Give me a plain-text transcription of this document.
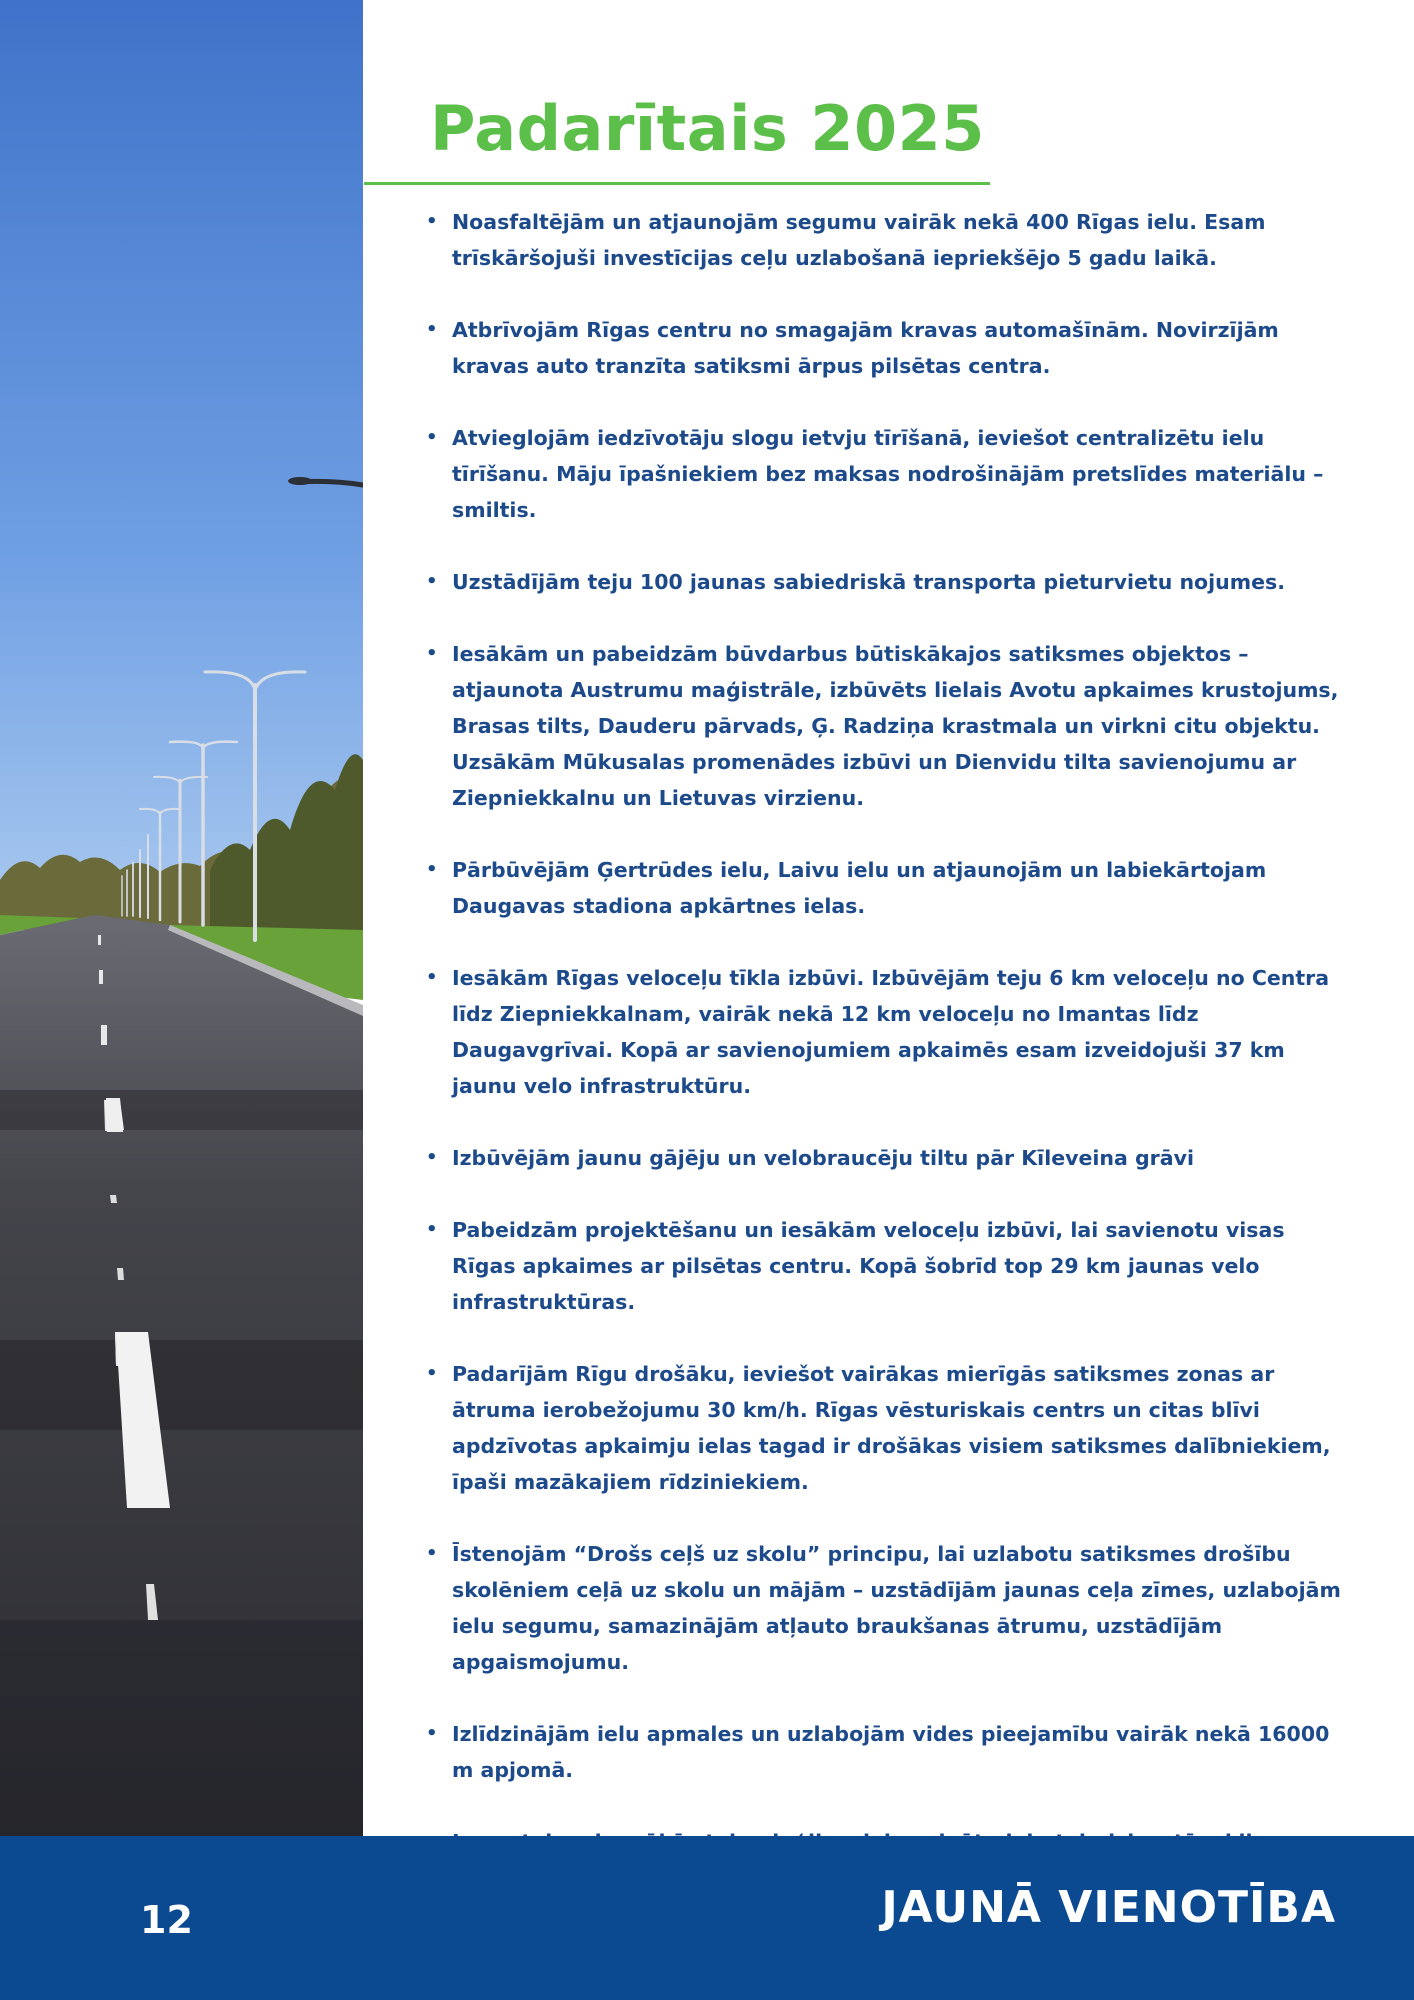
Padarītais 2025
• Noasfaltējām un atjaunojām segumu vairāk nekā 400 Rīgas ielu. Esam trīskāršojuši investīcijas ceļu uzlabošanā iepriekšējo 5 gadu laikā.
• Atbrīvojām Rīgas centru no smagajām kravas automašīnām. Novirzījām kravas auto tranzīta satiksmi ārpus pilsētas centra.
• Atvieglojām iedzīvotāju slogu ietvju tīrīšanā, ieviešot centralizētu ielu tīrīšanu. Māju īpašniekiem bez maksas nodrošinājām pretslīdes materiālu – smiltis.
• Uzstādījām teju 100 jaunas sabiedriskā transporta pieturvietu nojumes.
• Iesākām un pabeidzām būvdarbus būtiskākajos satiksmes objektos – atjaunota Austrumu maģistrāle, izbūvēts lielais Avotu apkaimes krustojums, Brasas tilts, Dauderu pārvads, Ģ. Radziņa krastmala un virkni citu objektu. Uzsākām Mūkusalas promenādes izbūvi un Dienvidu tilta savienojumu ar Ziepniekkalnu un Lietuvas virzienu.
• Pārbūvējām Ģertrūdes ielu, Laivu ielu un atjaunojām un labiekārtojam Daugavas stadiona apkārtnes ielas.
• Iesākām Rīgas veloceļu tīkla izbūvi. Izbūvējām teju 6 km veloceļu no Centra līdz Ziepniekkalnam, vairāk nekā 12 km veloceļu no Imantas līdz Daugavgrīvai. Kopā ar savienojumiem apkaimēs esam izveidojuši 37 km jaunu velo infrastruktūru.
• Izbūvējām jaunu gājēju un velobraucēju tiltu pār Kīleveina grāvi
• Pabeidzām projektēšanu un iesākām veloceļu izbūvi, lai savienotu visas Rīgas apkaimes ar pilsētas centru. Kopā šobrīd top 29 km jaunas velo infrastruktūras.
• Padarījām Rīgu drošāku, ieviešot vairākas mierīgās satiksmes zonas ar ātruma ierobežojumu 30 km/h. Rīgas vēsturiskais centrs un citas blīvi apdzīvotas apkaimju ielas tagad ir drošākas visiem satiksmes dalībniekiem, īpaši mazākajiem rīdziniekiem.
• Īstenojām “Drošs ceļš uz skolu” principu, lai uzlabotu satiksmes drošību skolēniem ceļā uz skolu un mājām – uzstādījām jaunas ceļa zīmes, uzlabojām ielu segumu, samazinājām atļauto braukšanas ātrumu, uzstādījām apgaismojumu.
• Izlīdzinājām ielu apmales un uzlabojām vides pieejamību vairāk nekā 16000 m apjomā.
•
12	JAUNĀ VIENOTĪBA
